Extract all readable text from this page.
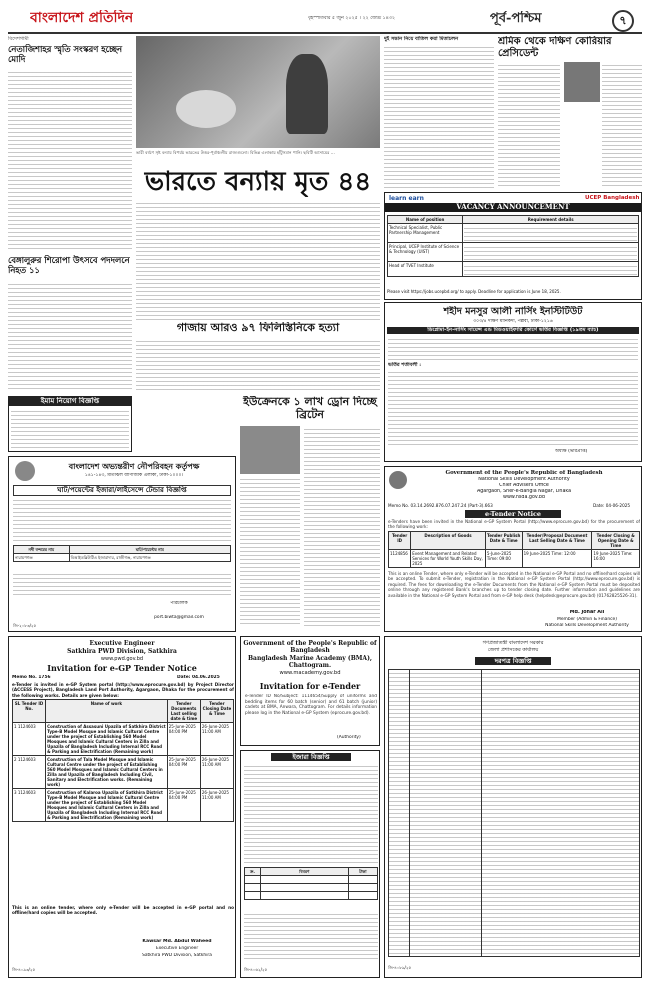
বাংলাদেশ প্রতিদিন	বৃহস্পতিবার ৫ জুন ২০২৫ । ২২ জ্যৈষ্ঠ ১৪৩২	পূর্ব-পশ্চিম	৭
বিদেশগামী
নেতাজিশাহর স্মৃতি সংস্করণ হচ্ছেন মোদি
বেঙ্গালুরুর শিরোপা উৎসবে পদদলনে নিহত ১১
ভারী বর্ষণে সৃষ্ট বন্যায় বিপর্যয় ভারতের উত্তর-পূর্বাঞ্চলীয় রাজ্যগুলো। বিভিন্ন এলাকায় হাঁটুসমান পানি। ছবিটি আসামের ...
ভারতে বন্যায় মৃত ৪৪
গাজায় আরও ৯৭ ফিলিস্তিনিকে হত্যা
ইমাম নিয়োগ বিজ্ঞপ্তি
দুই সন্তান নিয়ে বাতিল করা মিতাচলন	শ্রমিক থেকে দক্ষিণ কোরিয়ার প্রেসিডেন্ট
learn earn	UCEP Bangladesh
VACANCY ANNOUNCEMENT
Name of position	Requirement details
Technical Specialist, Public Partnership Management	

Principal, UCEP Institute of Science & Technology (UIST)	

Head of TVET Institute	
Please visit https://jobs.ucepbd.org/ to apply. Deadline for application is June 18, 2025.
শহীদ মনসুর আলী নার্সিং ইনস্টিটিউট
৩০৩/৪ দক্ষিণ মানিকদী, পল্লবী, ঢাকা-১২১৬
ডিপ্লোমা-ইন-নার্সিং সায়েন্স এন্ড মিডওয়াইফারি কোর্সে ভর্তির বিজ্ঞপ্তি (১৯তম ব্যাচ)
ভর্তির শর্তাবলী :
অধ্যক্ষ (ভারপ্রাপ্ত)
ইউক্রেনকে ১ লাখ ড্রোন দিচ্ছে ব্রিটেন
বাংলাদেশ অভ্যন্তরীণ নৌপরিবহন কর্তৃপক্ষ
১৪১-১৪৩, মতিঝিল বাণিজ্যিক এলাকা, ঢাকা-১০০০।
ঘাট/পয়েন্টের ইজারা/লাইসেন্সে টেন্ডার বিজ্ঞপ্তি
নদী বন্দরের নাম	ঘাট/পয়েন্টের নাম
নারায়ণগঞ্জ	বিআইডব্লিউটিএ ইজারাদার, রাজীগঞ্জ, নারায়ণগঞ্জ
পরিচালক
port.biwta@gmail.com
জি-২০৮৩/২৫
Government of the People's Republic of Bangladesh
National Skills Development Authority
Chief Advisers Office
Agargaon, Sher-e-Bangla Nagar, Dhaka
www.nsda.gov.bd
Memo No. 03.14.2692.876.07.247.24 (Part-3).663	Date: 04-06-2025
e-Tender Notice
e-Tenders have been invited in the National e-GP System Portal (http://www.eprocure.gov.bd) for the procurement of the following work:
Tender ID	Description of Goods	Tender Publish Date & Time	Tender/Proposal Document Last Selling Date & Time	Tender Closing & Opening Date & Time
1124856	Event Management and Related Services for World Youth Skills Day, 2025	5-June-2025 Time: 09:00	19 June-2025 Time: 12:00	19 June-2025 Time: 16:00
This is an online Tender, where only e-Tender will be accepted in the National e-GP Portal and no offline/hard copies will be accepted. To submit e-Tender, registration in the National e-GP System Portal (http://www.eprocure.gov.bd) is required. The fees for downloading the e-Tender Documents from the National e-GP System Portal must be deposited online through any registered Bank's branches up to tender closing date. Further information and guidelines are available in the National e-GP System Portal and from e-GP help desk (helpdesk@eprocure.gov.bd) (01762825526-31).
Md. Johar Ali
Member (Admin & Finance)
National Skills Development Authority
Government of the People's Republic of Bangladesh
Bangladesh Marine Academy (BMA), Chattogram.
www.macademy.gov.bd
Invitation for e-Tender
e-Tender ID No/Subject: 1114654/Supply of uniforms and bedding items for 60 batch (senior) and 61 batch (junior) cadets at BMA, Anwara, Chattogram. For details information please log in the National e-GP System (eprocure.gov.bd).
(Authority)
Executive Engineer
Satkhira PWD Division, Satkhira
www.pwd.gov.bd
Invitation for e-GP Tender Notice
Memo No. 1756	Date: 04.06.2025
e-Tender is invited in e-GP System portal (http://www.eprocure.gov.bd) by Project Director (ACCESS Project), Bangladesh Land Port Authority, Agargaon, Dhaka for the procurement of the following works. Details are given below:
SL Tender ID No.	Name of work	Tender Documents Last selling date & time	Tender Closing Date & Time
1 1124603	Construction of Assasuni Upazila of Satkhira District Type-B Model Mosque and Islamic Cultural Centre under the project of Establishing 560 Model Mosques and Islamic Cultural Centers in Zilla and Upazila of Bangladesh Including Internal RCC Road & Parking and Electrification (Remaining work)	25-June-2025 04:00 PM	26-June-2025 11:00 AM
2 1124603	Construction of Tala Model Mosque and Islamic Cultural Centre under the project of Establishing 560 Model Mosques and Islamic Cultural Centers in Zilla and Upazila of Bangladesh Including Civil, Sanitary and Electrification works. (Remaining work)	25-June-2025 04:00 PM	26-June-2025 11:00 AM
3 1124603	Construction of Kalaroa Upazila of Satkhira District Type-B Model Mosque and Islamic Cultural Centre under the project of Establishing 560 Model Mosques and Islamic Cultural Centers in Zilla and Upazila of Bangladesh Including Internal RCC Road & Parking and Electrification (Remaining work)	25-June-2025 04:00 PM	26-June-2025 11:00 AM
This is an online tender, where only e-Tender will be accepted in e-GP portal and no offline/hard copies will be accepted.
Kawsar Md. Abdul Waheed
Executive Engineer
Satkhira PWD Division, Satkhira
জি-৪০৯৩/২৫
ইজারা বিজ্ঞপ্তি
ক্র.	বিবরণ	টাকা

জি-৪০৬২/২৫
গণপ্রজাতন্ত্রী বাংলাদেশ সরকার
জেলা প্রশাসকের কার্যালয়
দরপত্র বিজ্ঞপ্তি
জি-৪০৮৯/২৫
